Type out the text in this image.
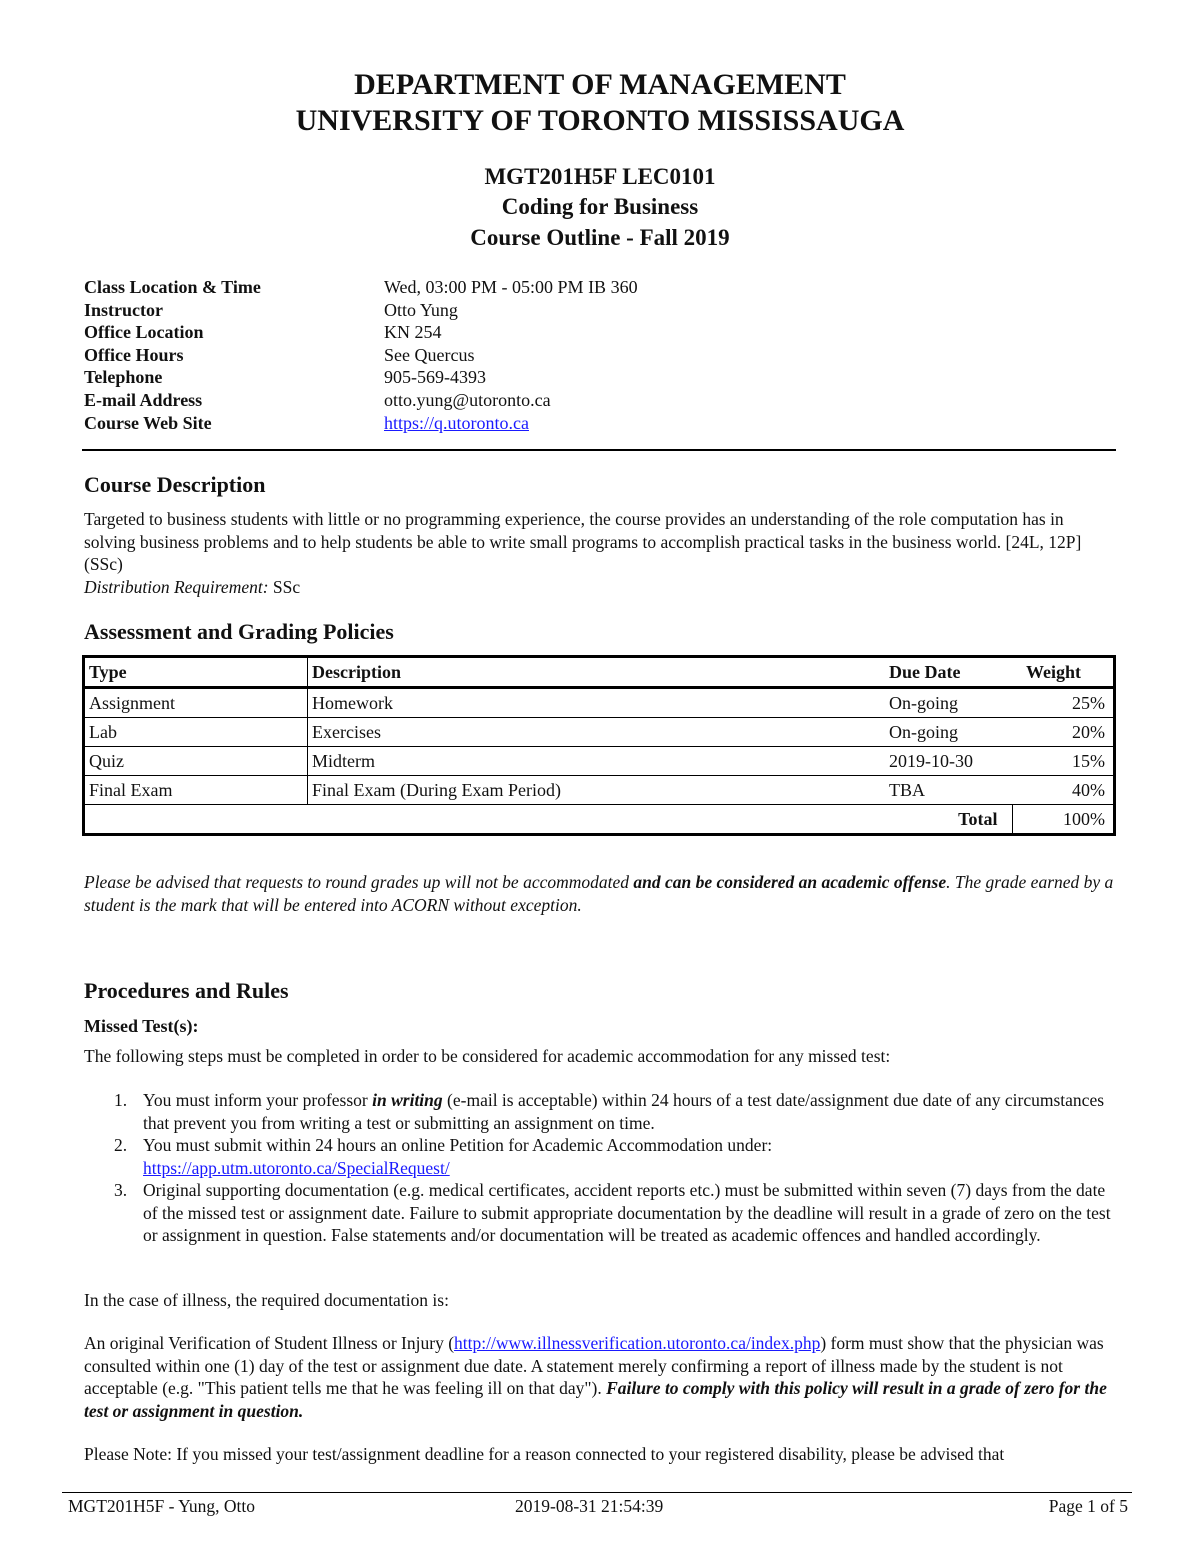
DEPARTMENT OF MANAGEMENT
UNIVERSITY OF TORONTO MISSISSAUGA
MGT201H5F LEC0101
Coding for Business
Course Outline - Fall 2019
Class Location & Time	Wed, 03:00 PM - 05:00 PM IB 360
Instructor	Otto Yung
Office Location	KN 254
Office Hours	See Quercus
Telephone	905-569-4393
E-mail Address	otto.yung@utoronto.ca
Course Web Site	https://q.utoronto.ca
Course Description

Targeted to business students with little or no programming experience, the course provides an understanding of the role computation has in solving business problems and to help students be able to write small programs to accomplish practical tasks in the business world. [24L, 12P] (SSc)
Distribution Requirement: SSc

Assessment and Grading Policies
Type	Description	Due Date	Weight
Assignment	Homework	On-going	25%
Lab	Exercises	On-going	20%
Quiz	Midterm	2019-10-30	15%
Final Exam	Final Exam (During Exam Period)	TBA	40%
Total			100%

Please be advised that requests to round grades up will not be accommodated and can be considered an academic offense. The grade earned by a student is the mark that will be entered into ACORN without exception.

Procedures and Rules
Missed Test(s):

The following steps must be completed in order to be considered for academic accommodation for any missed test:

1. You must inform your professor in writing (e-mail is acceptable) within 24 hours of a test date/assignment due date of any circumstances that prevent you from writing a test or submitting an assignment on time.
2. You must submit within 24 hours an online Petition for Academic Accommodation under:
https://app.utm.utoronto.ca/SpecialRequest/
3. Original supporting documentation (e.g. medical certificates, accident reports etc.) must be submitted within seven (7) days from the date of the missed test or assignment date. Failure to submit appropriate documentation by the deadline will result in a grade of zero on the test or assignment in question. False statements and/or documentation will be treated as academic offences and handled accordingly.

In the case of illness, the required documentation is:

An original Verification of Student Illness or Injury (http://www.illnessverification.utoronto.ca/index.php) form must show that the physician was consulted within one (1) day of the test or assignment due date. A statement merely confirming a report of illness made by the student is not acceptable (e.g. "This patient tells me that he was feeling ill on that day"). Failure to comply with this policy will result in a grade of zero for the test or assignment in question.

Please Note: If you missed your test/assignment deadline for a reason connected to your registered disability, please be advised that

MGT201H5F - Yung, Otto	2019-08-31 21:54:39	Page 1 of 5
